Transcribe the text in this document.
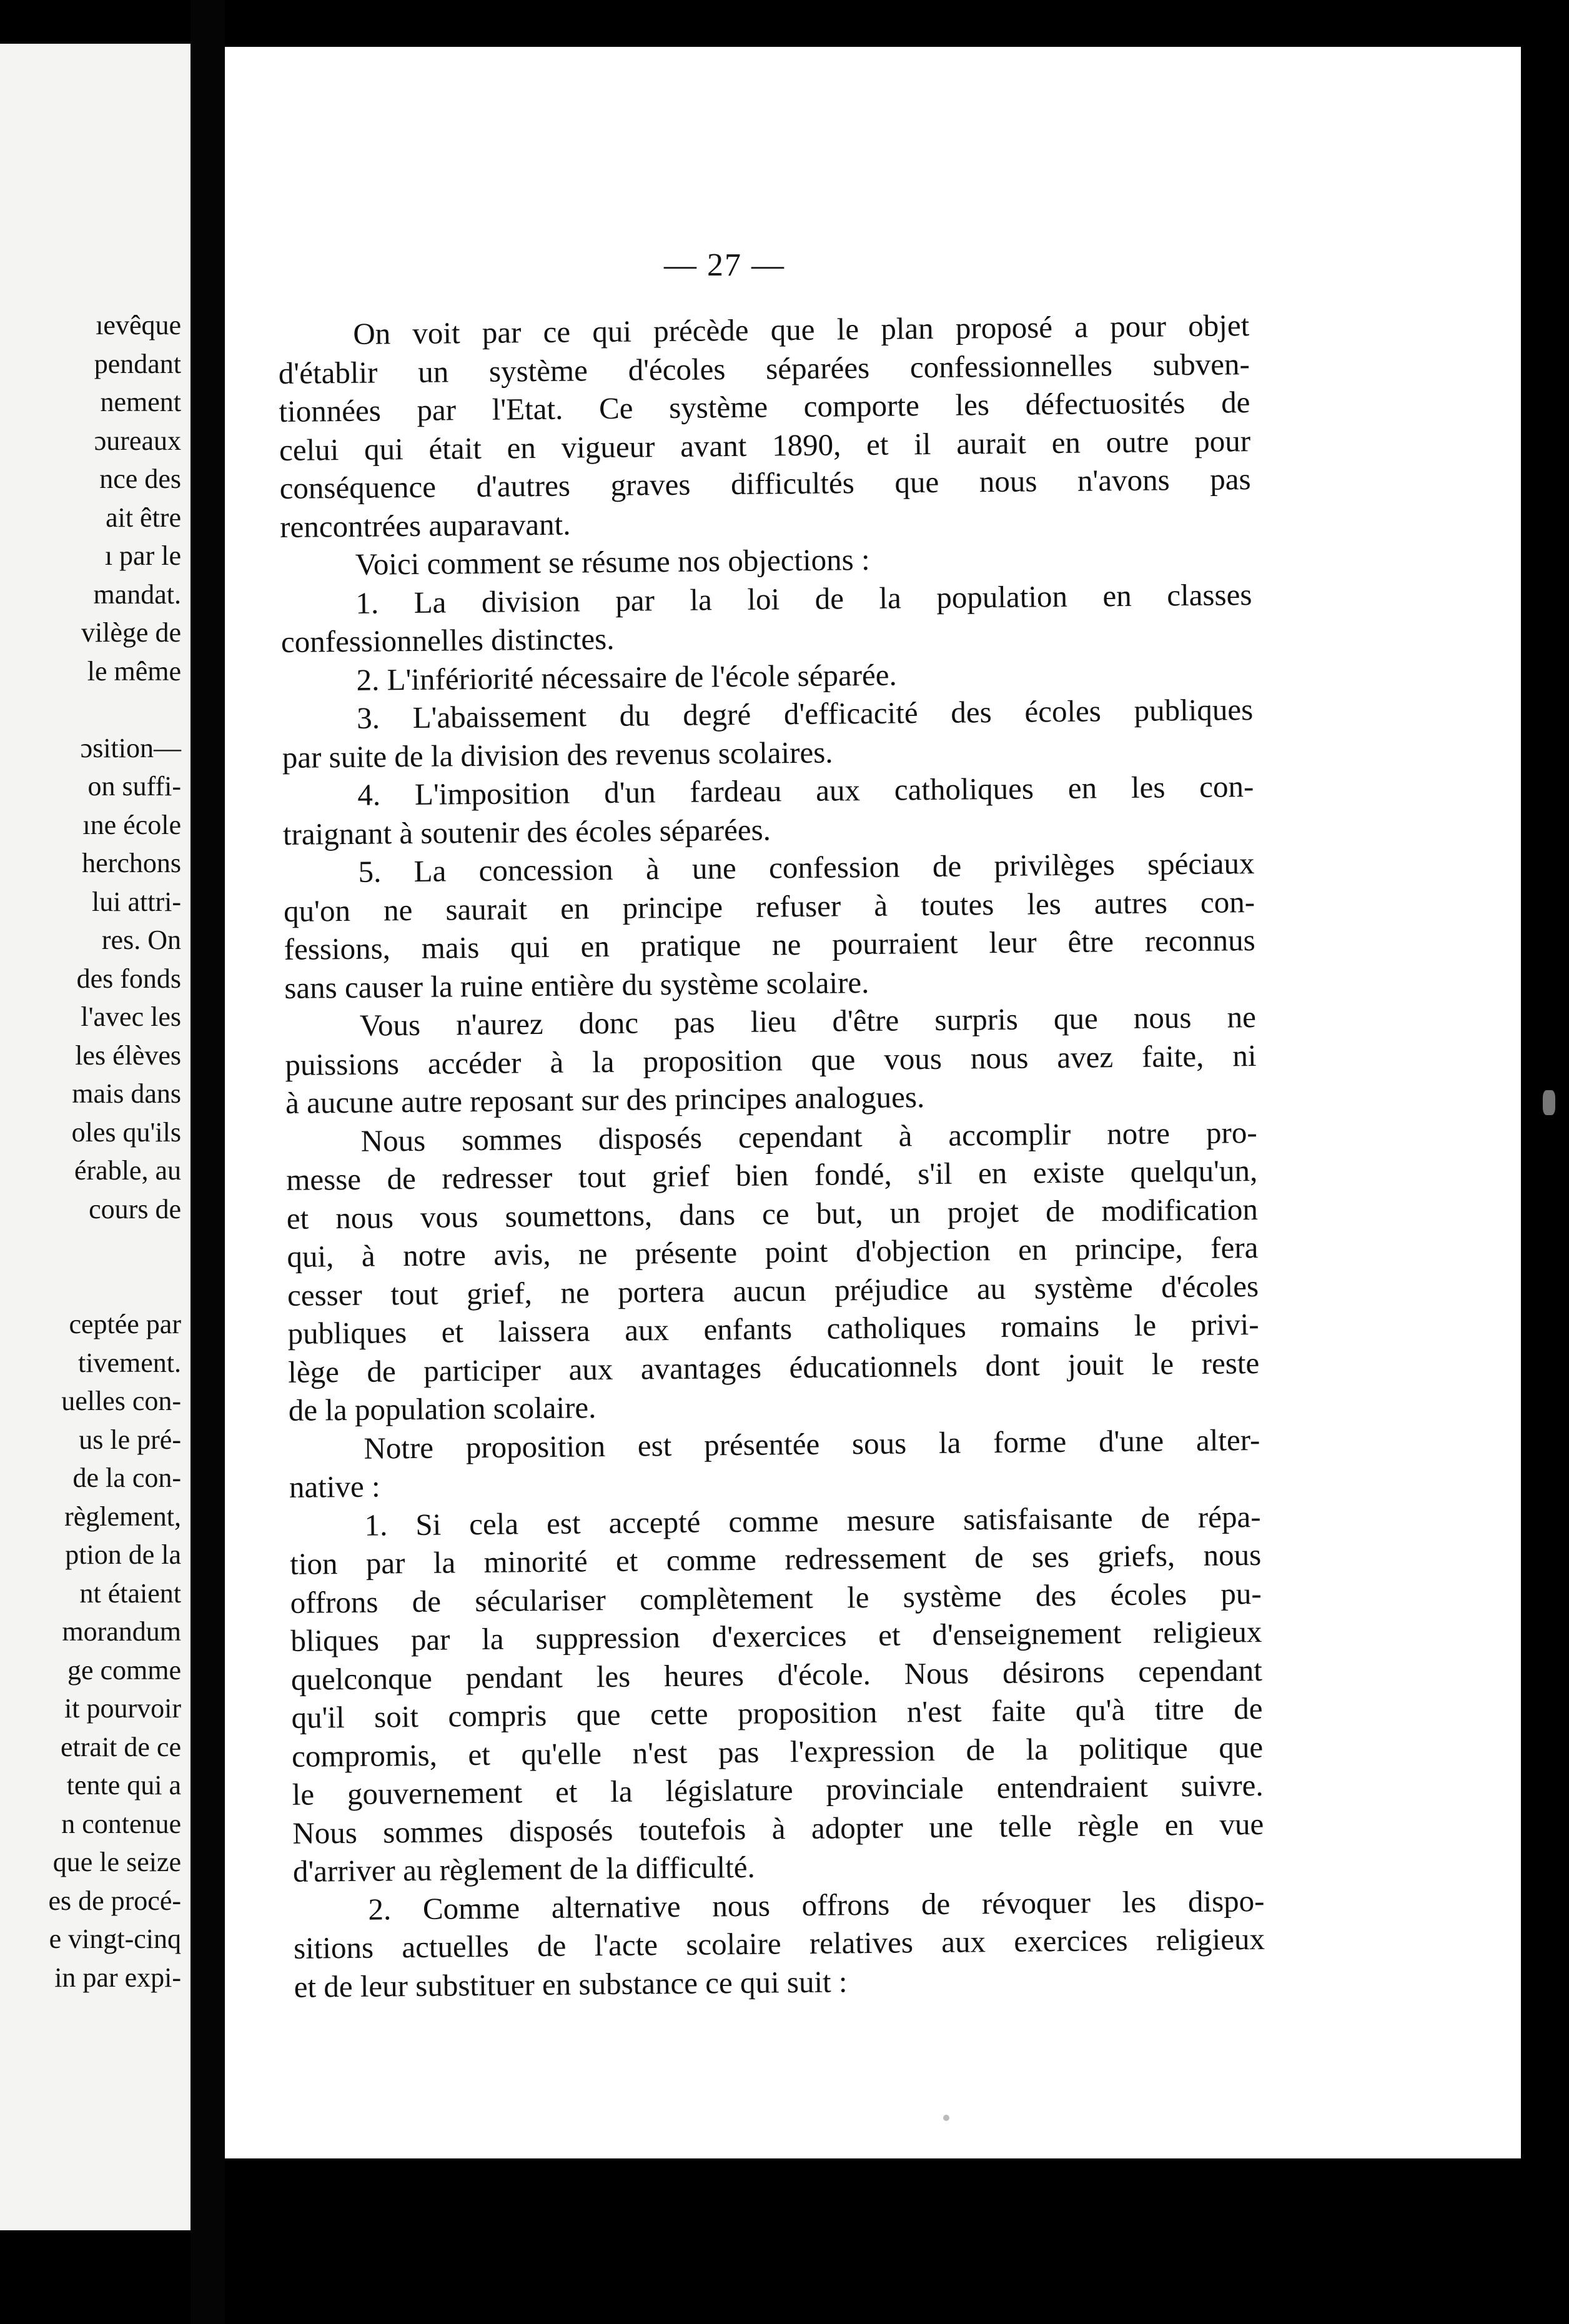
ıevêque
pendant
nement
ɔureaux
nce des
ait être
ı par le
mandat.
vilège de
le même
ɔsition—
on suffi-
ıne école
herchons
lui attri-
res. On
des fonds
l'avec les
les élèves
mais dans
oles qu'ils
érable, au
cours de
ceptée par
tivement.
uelles con-
us le pré-
de la con-
règlement,
ption de la
nt étaient
morandum
ge comme
it pourvoir
etrait de ce
tente qui a
n contenue
que le seize
es de procé-
e vingt-cinq
in par expi-
— 27 —
On voit par ce qui précède que le plan proposé a pour objet
d'établir un système d'écoles séparées confessionnelles subven-
tionnées par l'Etat. Ce système comporte les défectuosités de
celui qui était en vigueur avant 1890, et il aurait en outre pour
conséquence d'autres graves difficultés que nous n'avons pas
rencontrées auparavant.
Voici comment se résume nos objections :
1. La division par la loi de la population en classes
confessionnelles distinctes.
2. L'infériorité nécessaire de l'école séparée.
3. L'abaissement du degré d'efficacité des écoles publiques
par suite de la division des revenus scolaires.
4. L'imposition d'un fardeau aux catholiques en les con-
traignant à soutenir des écoles séparées.
5. La concession à une confession de privilèges spéciaux
qu'on ne saurait en principe refuser à toutes les autres con-
fessions, mais qui en pratique ne pourraient leur être reconnus
sans causer la ruine entière du système scolaire.
Vous n'aurez donc pas lieu d'être surpris que nous ne
puissions accéder à la proposition que vous nous avez faite, ni
à aucune autre reposant sur des principes analogues.
Nous sommes disposés cependant à accomplir notre pro-
messe de redresser tout grief bien fondé, s'il en existe quelqu'un,
et nous vous soumettons, dans ce but, un projet de modification
qui, à notre avis, ne présente point d'objection en principe, fera
cesser tout grief, ne portera aucun préjudice au système d'écoles
publiques et laissera aux enfants catholiques romains le privi-
lège de participer aux avantages éducationnels dont jouit le reste
de la population scolaire.
Notre proposition est présentée sous la forme d'une alter-
native :
1. Si cela est accepté comme mesure satisfaisante de répa-
tion par la minorité et comme redressement de ses griefs, nous
offrons de séculariser complètement le système des écoles pu-
bliques par la suppression d'exercices et d'enseignement religieux
quelconque pendant les heures d'école. Nous désirons cependant
qu'il soit compris que cette proposition n'est faite qu'à titre de
compromis, et qu'elle n'est pas l'expression de la politique que
le gouvernement et la législature provinciale entendraient suivre.
Nous sommes disposés toutefois à adopter une telle règle en vue
d'arriver au règlement de la difficulté.
2. Comme alternative nous offrons de révoquer les dispo-
sitions actuelles de l'acte scolaire relatives aux exercices religieux
et de leur substituer en substance ce qui suit :
